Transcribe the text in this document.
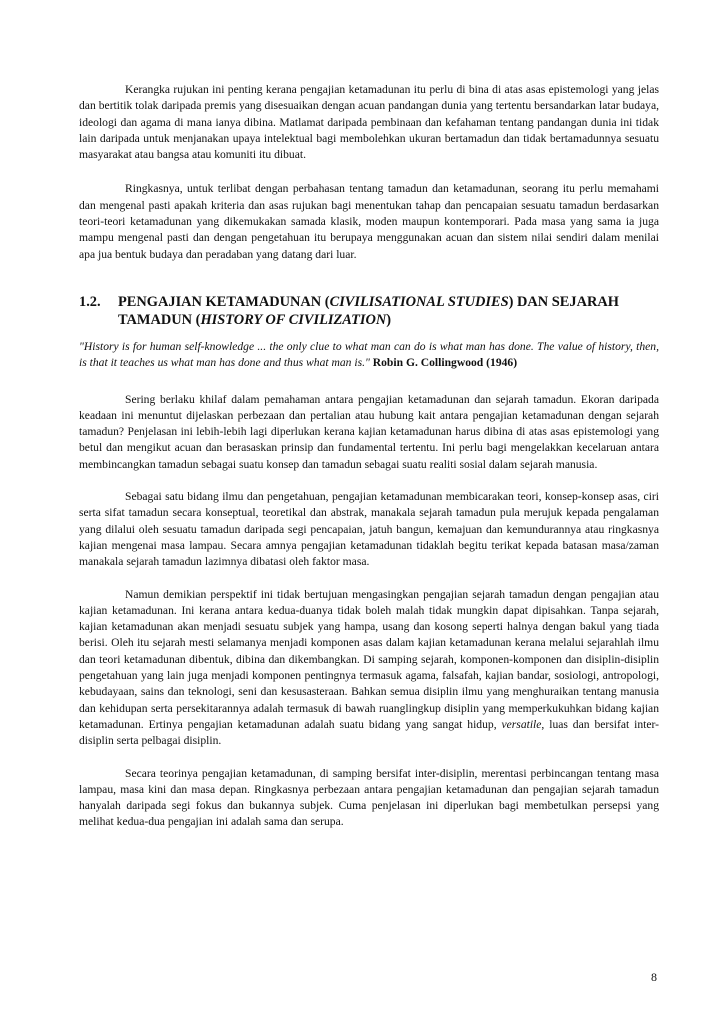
Kerangka rujukan ini penting kerana pengajian ketamadunan itu perlu di bina di atas asas epistemologi yang jelas dan bertitik tolak daripada premis yang disesuaikan dengan acuan pandangan dunia yang tertentu bersandarkan latar budaya, ideologi dan agama di mana ianya dibina. Matlamat daripada pembinaan dan kefahaman tentang pandangan dunia ini tidak lain daripada untuk menjanakan upaya intelektual bagi membolehkan ukuran bertamadun dan tidak bertamadunnya sesuatu masyarakat atau bangsa atau komuniti itu dibuat.

Ringkasnya, untuk terlibat dengan perbahasan tentang tamadun dan ketamadunan, seorang itu perlu memahami dan mengenal pasti apakah kriteria dan asas rujukan bagi menentukan tahap dan pencapaian sesuatu tamadun berdasarkan teori-teori ketamadunan yang dikemukakan samada klasik, moden maupun kontemporari. Pada masa yang sama ia juga mampu mengenal pasti dan dengan pengetahuan itu berupaya menggunakan acuan dan sistem nilai sendiri dalam menilai apa jua bentuk budaya dan peradaban yang datang dari luar.

1.2.	PENGAJIAN KETAMADUNAN (CIVILISATIONAL STUDIES) DAN SEJARAH TAMADUN (HISTORY OF CIVILIZATION)
"History is for human self-knowledge ... the only clue to what man can do is what man has done. The value of history, then, is that it teaches us what man has done and thus what man is." Robin G. Collingwood (1946)

Sering berlaku khilaf dalam pemahaman antara pengajian ketamadunan dan sejarah tamadun. Ekoran daripada keadaan ini menuntut dijelaskan perbezaan dan pertalian atau hubung kait antara pengajian ketamadunan dengan sejarah tamadun? Penjelasan ini lebih-lebih lagi diperlukan kerana kajian ketamadunan harus dibina di atas asas epistemologi yang betul dan mengikut acuan dan berasaskan prinsip dan fundamental tertentu. Ini perlu bagi mengelakkan kecelaruan antara membincangkan tamadun sebagai suatu konsep dan tamadun sebagai suatu realiti sosial dalam sejarah manusia.

Sebagai satu bidang ilmu dan pengetahuan, pengajian ketamadunan membicarakan teori, konsep-konsep asas, ciri serta sifat tamadun secara konseptual, teoretikal dan abstrak, manakala sejarah tamadun pula merujuk kepada pengalaman yang dilalui oleh sesuatu tamadun daripada segi pencapaian, jatuh bangun, kemajuan dan kemundurannya atau ringkasnya kajian mengenai masa lampau. Secara amnya pengajian ketamadunan tidaklah begitu terikat kepada batasan masa/zaman manakala sejarah tamadun lazimnya dibatasi oleh faktor masa.

Namun demikian perspektif ini tidak bertujuan mengasingkan pengajian sejarah tamadun dengan pengajian atau kajian ketamadunan. Ini kerana antara kedua-duanya tidak boleh malah tidak mungkin dapat dipisahkan. Tanpa sejarah, kajian ketamadunan akan menjadi sesuatu subjek yang hampa, usang dan kosong seperti halnya dengan bakul yang tiada berisi. Oleh itu sejarah mesti selamanya menjadi komponen asas dalam kajian ketamadunan kerana melalui sejarahlah ilmu dan teori ketamadunan dibentuk, dibina dan dikembangkan. Di samping sejarah, komponen-komponen dan disiplin-disiplin pengetahuan yang lain juga menjadi komponen pentingnya termasuk agama, falsafah, kajian bandar, sosiologi, antropologi, kebudayaan, sains dan teknologi, seni dan kesusasteraan. Bahkan semua disiplin ilmu yang menghuraikan tentang manusia dan kehidupan serta persekitarannya adalah termasuk di bawah ruanglingkup disiplin yang memperkukuhkan bidang kajian ketamadunan. Ertinya pengajian ketamadunan adalah suatu bidang yang sangat hidup, versatile, luas dan bersifat inter-disiplin serta pelbagai disiplin.

Secara teorinya pengajian ketamadunan, di samping bersifat inter-disiplin, merentasi perbincangan tentang masa lampau, masa kini dan masa depan. Ringkasnya perbezaan antara pengajian ketamadunan dan pengajian sejarah tamadun hanyalah daripada segi fokus dan bukannya subjek. Cuma penjelasan ini diperlukan bagi membetulkan persepsi yang melihat kedua-dua pengajian ini adalah sama dan serupa.

8
